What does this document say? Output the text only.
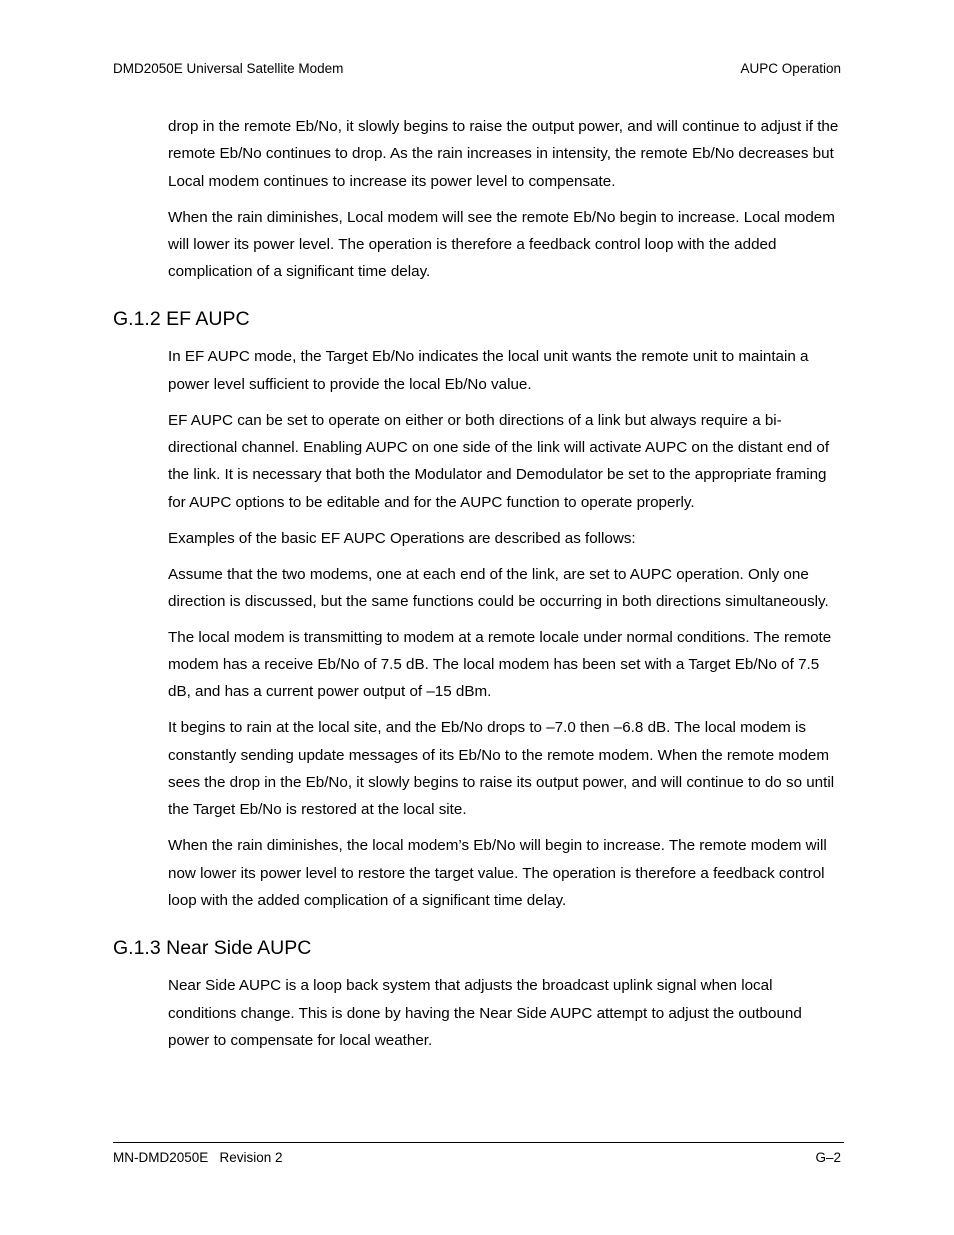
DMD2050E Universal Satellite Modem	AUPC Operation

drop in the remote Eb/No, it slowly begins to raise the output power, and will continue to adjust if the remote Eb/No continues to drop. As the rain increases in intensity, the remote Eb/No decreases but Local modem continues to increase its power level to compensate.

When the rain diminishes, Local modem will see the remote Eb/No begin to increase. Local modem will lower its power level. The operation is therefore a feedback control loop with the added complication of a significant time delay.

G.1.2 EF AUPC

In EF AUPC mode, the Target Eb/No indicates the local unit wants the remote unit to maintain a power level sufficient to provide the local Eb/No value.

EF AUPC can be set to operate on either or both directions of a link but always require a bi-directional channel. Enabling AUPC on one side of the link will activate AUPC on the distant end of the link. It is necessary that both the Modulator and Demodulator be set to the appropriate framing for AUPC options to be editable and for the AUPC function to operate properly.

Examples of the basic EF AUPC Operations are described as follows:

Assume that the two modems, one at each end of the link, are set to AUPC operation. Only one direction is discussed, but the same functions could be occurring in both directions simultaneously.

The local modem is transmitting to modem at a remote locale under normal conditions. The remote modem has a receive Eb/No of 7.5 dB. The local modem has been set with a Target Eb/No of 7.5 dB, and has a current power output of –15 dBm.

It begins to rain at the local site, and the Eb/No drops to –7.0 then –6.8 dB. The local modem is constantly sending update messages of its Eb/No to the remote modem. When the remote modem sees the drop in the Eb/No, it slowly begins to raise its output power, and will continue to do so until the Target Eb/No is restored at the local site.

When the rain diminishes, the local modem’s Eb/No will begin to increase. The remote modem will now lower its power level to restore the target value. The operation is therefore a feedback control loop with the added complication of a significant time delay.

G.1.3 Near Side AUPC

Near Side AUPC is a loop back system that adjusts the broadcast uplink signal when local conditions change. This is done by having the Near Side AUPC attempt to adjust the outbound power to compensate for local weather.

MN-DMD2050E   Revision 2	G–2
